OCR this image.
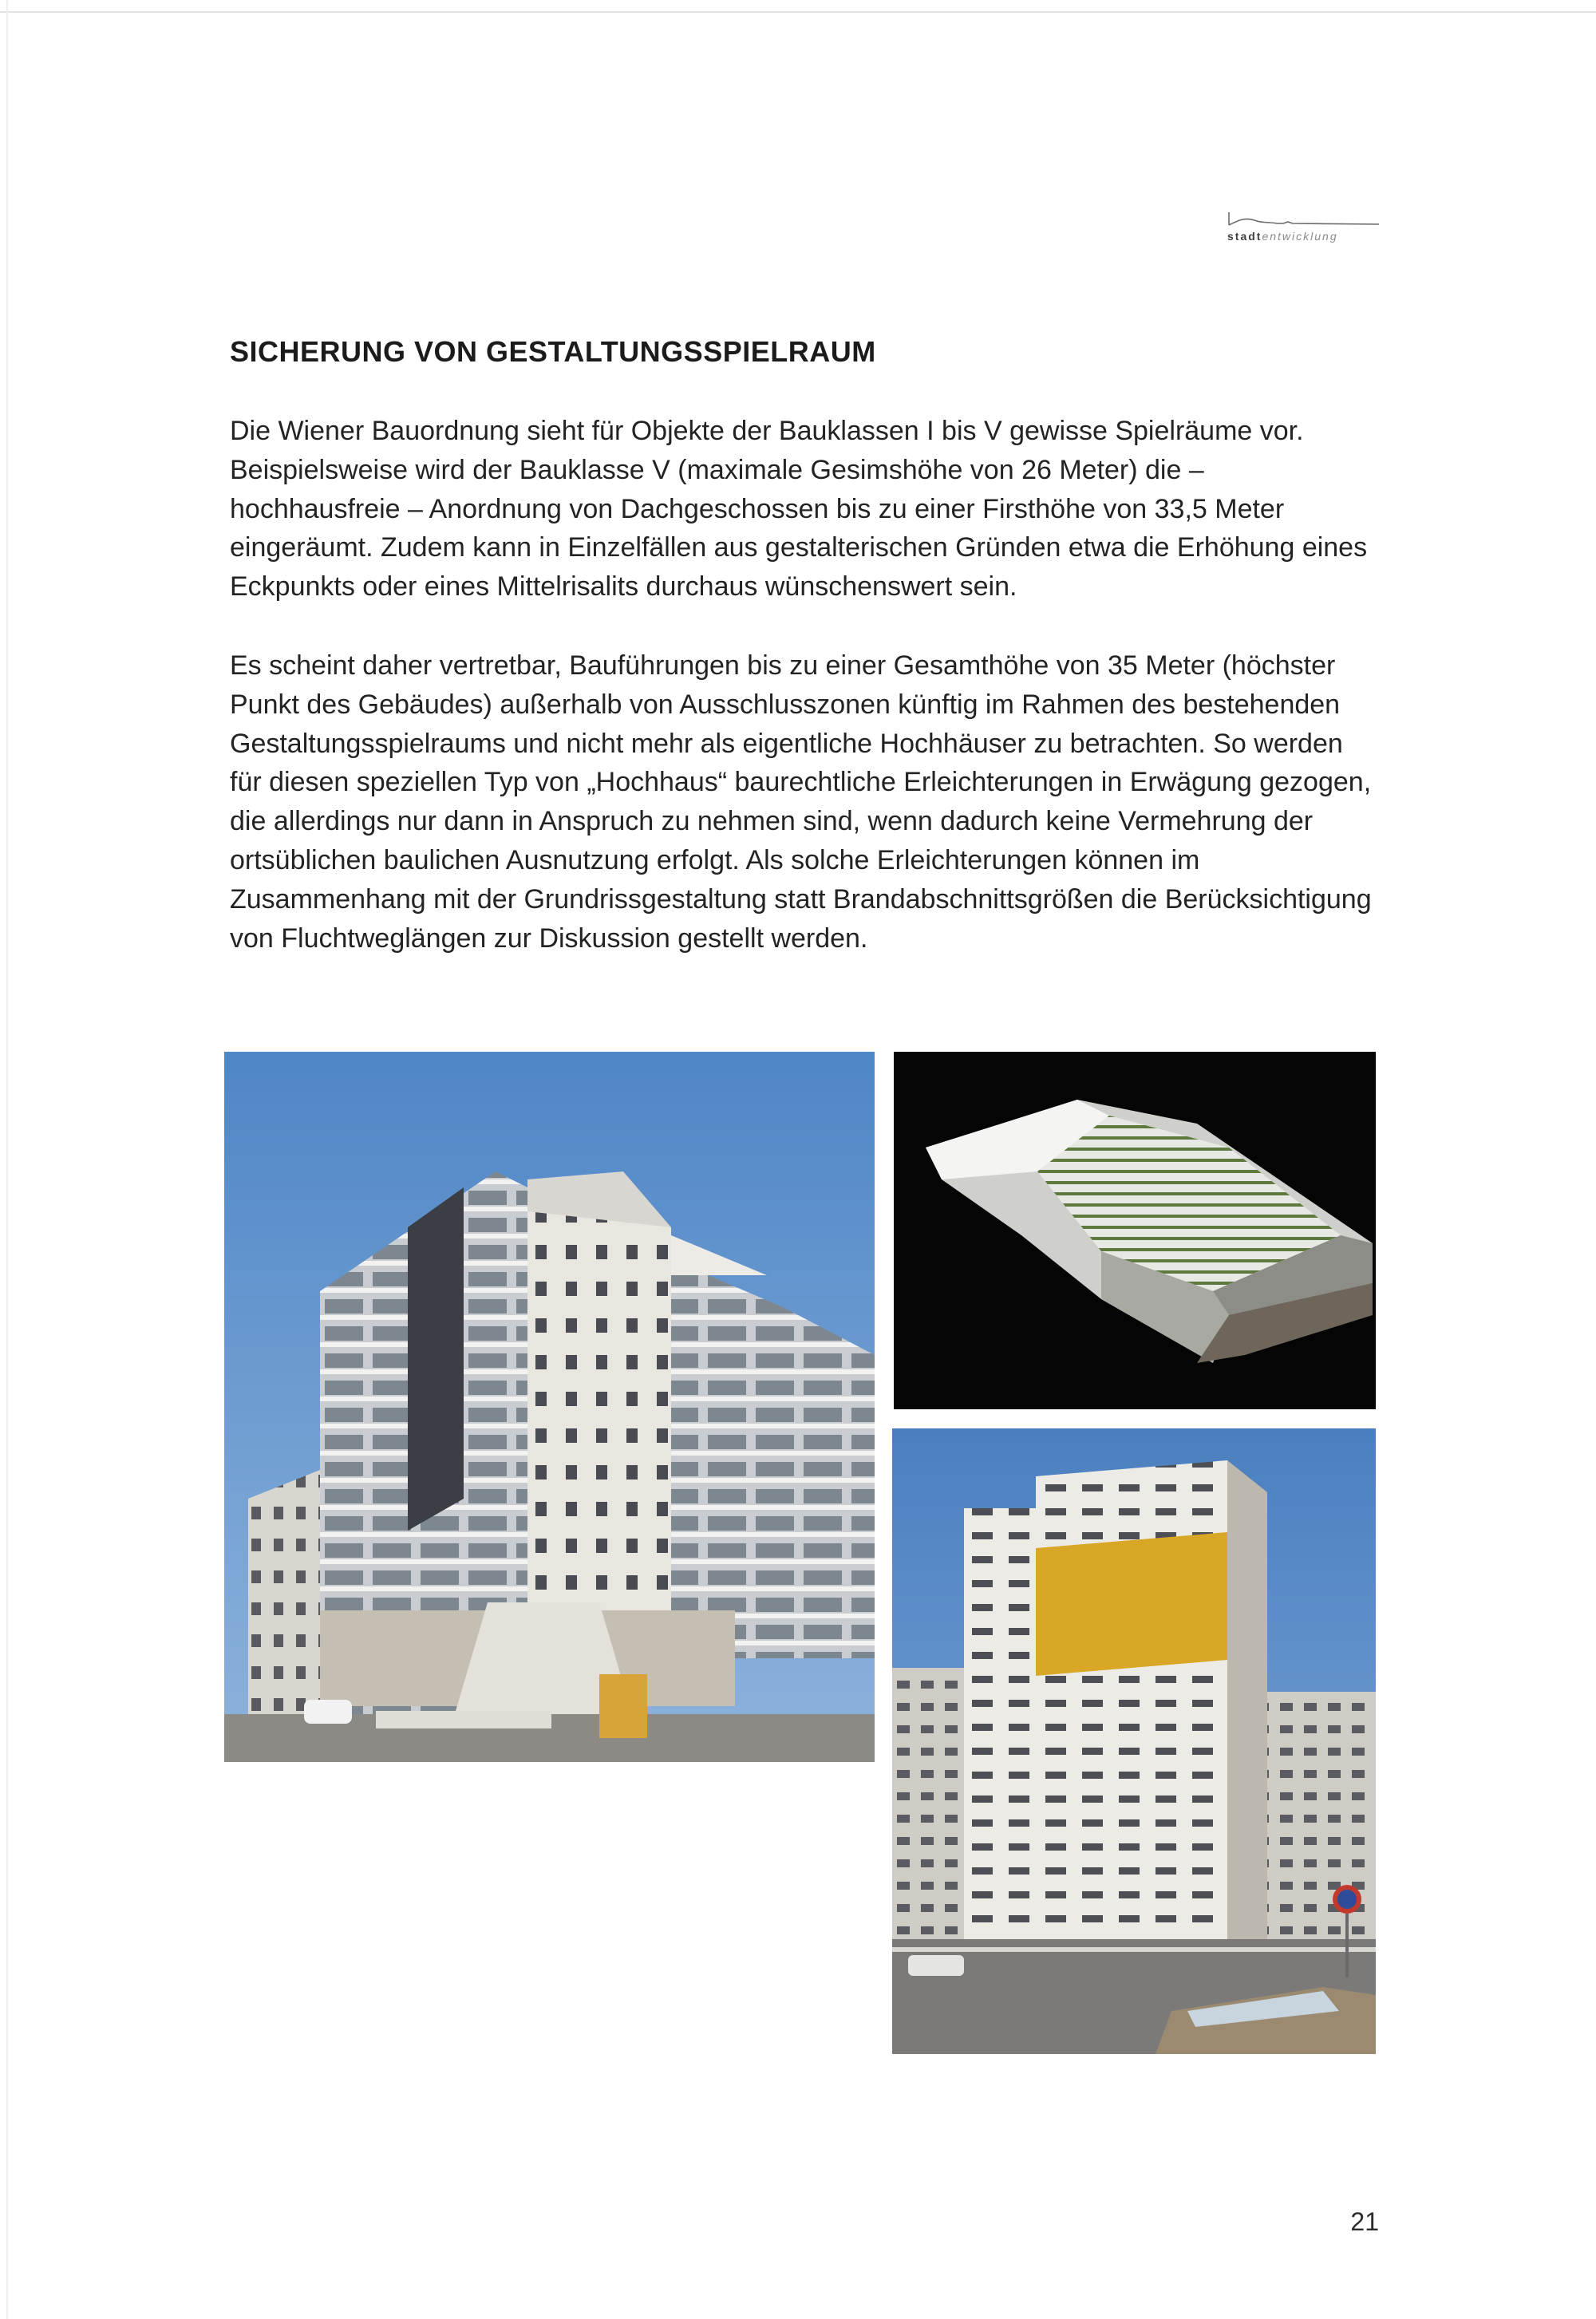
stadtentwicklung
SICHERUNG VON GESTALTUNGSSPIELRAUM

Die Wiener Bauordnung sieht für Objekte der Bauklassen I bis V gewisse Spielräume vor. Beispielsweise wird der Bauklasse V (maximale Gesimshöhe von 26 Meter) die – hochhausfreie – Anordnung von Dachgeschossen bis zu einer Firsthöhe von 33,5 Meter eingeräumt. Zudem kann in Einzelfällen aus gestalterischen Gründen etwa die Erhöhung eines Eckpunkts oder eines Mittelrisalits durchaus wünschenswert sein.

Es scheint daher vertretbar, Bauführungen bis zu einer Gesamthöhe von 35 Meter (höchster Punkt des Gebäudes) außerhalb von Ausschlusszonen künftig im Rahmen des bestehenden Gestaltungsspielraums und nicht mehr als eigentliche Hochhäuser zu betrachten. So werden für diesen speziellen Typ von „Hochhaus“ baurechtliche Erleichterungen in Erwägung gezogen, die allerdings nur dann in Anspruch zu nehmen sind, wenn dadurch keine Vermehrung der ortsüblichen baulichen Ausnutzung erfolgt. Als solche Erleichterungen können im Zusammenhang mit der Grundrissgestaltung statt Brandabschnittsgrößen die Berücksichtigung von Fluchtweglängen zur Diskussion gestellt werden.

21
